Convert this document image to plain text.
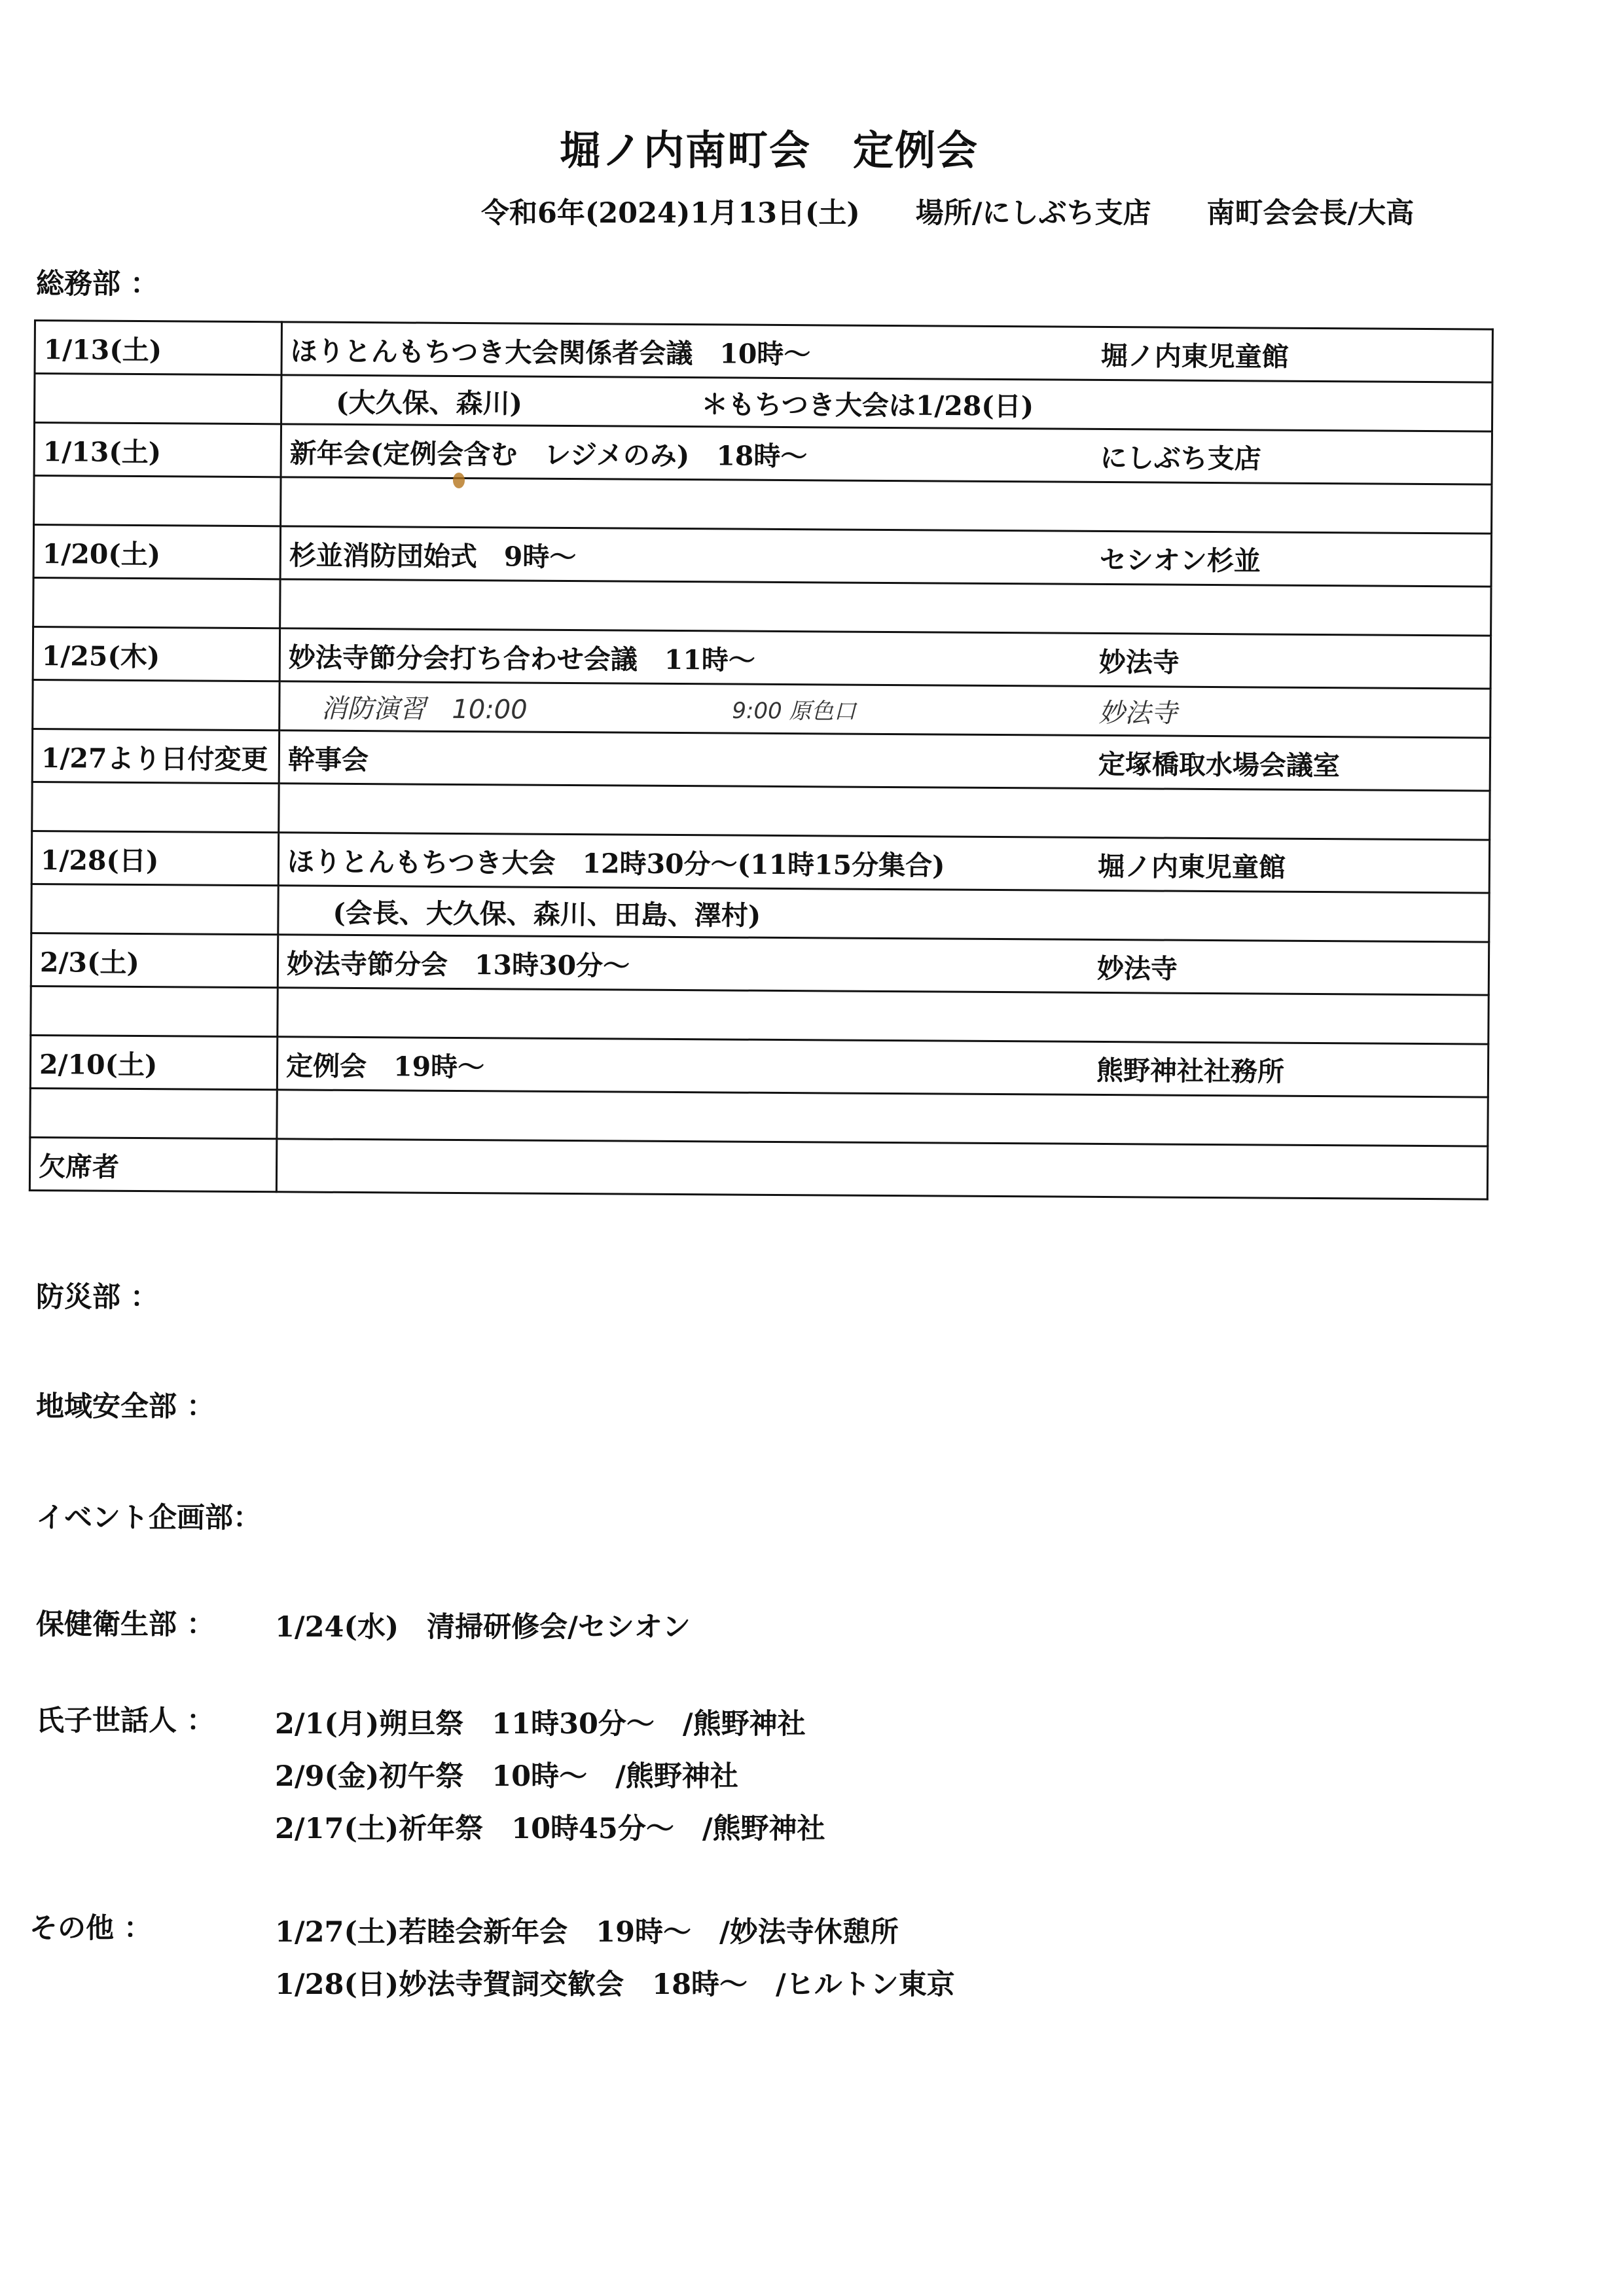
堀ノ内南町会　定例会
令和6年(2024)1月13日(土) 場所/にしぶち支店 南町会会長/大高
総務部 ：
1/13(土)	ほりとんもちつき大会関係者会議　10時～ 堀ノ内東児童館

	(大久保、森川) ＊もちつき大会は1/28(日)

1/13(土)	新年会(定例会含む　レジメのみ)　18時～ にしぶち支店

1/20(土)	杉並消防団始式　9時～ セシオン杉並

1/25(木)	妙法寺節分会打ち合わせ会議　11時～ 妙法寺

	消防演習　10:00 9:00 原色口 妙法寺

1/27より日付変更	幹事会 定塚橋取水場会議室

1/28(日)	ほりとんもちつき大会　12時30分～(11時15分集合) 堀ノ内東児童館

	(会長、大久保、森川、田島、澤村)
2/3(土)	妙法寺節分会　13時30分～ 妙法寺

2/10(土)	定例会　19時～ 熊野神社社務所

欠席者	
防災部 ：
地域安全部 ：
イベント企画部：
保健衛生部 ： 1/24(水)　清掃研修会/セシオン
氏子世話人 ： 2/1(月)朔旦祭　11時30分～　/熊野神社
2/9(金)初午祭　10時～　/熊野神社
2/17(土)祈年祭　10時45分～　/熊野神社
その他 ：	1/27(土)若睦会新年会　19時～　/妙法寺休憩所
1/28(日)妙法寺賀詞交歓会　18時～　/ヒルトン東京
